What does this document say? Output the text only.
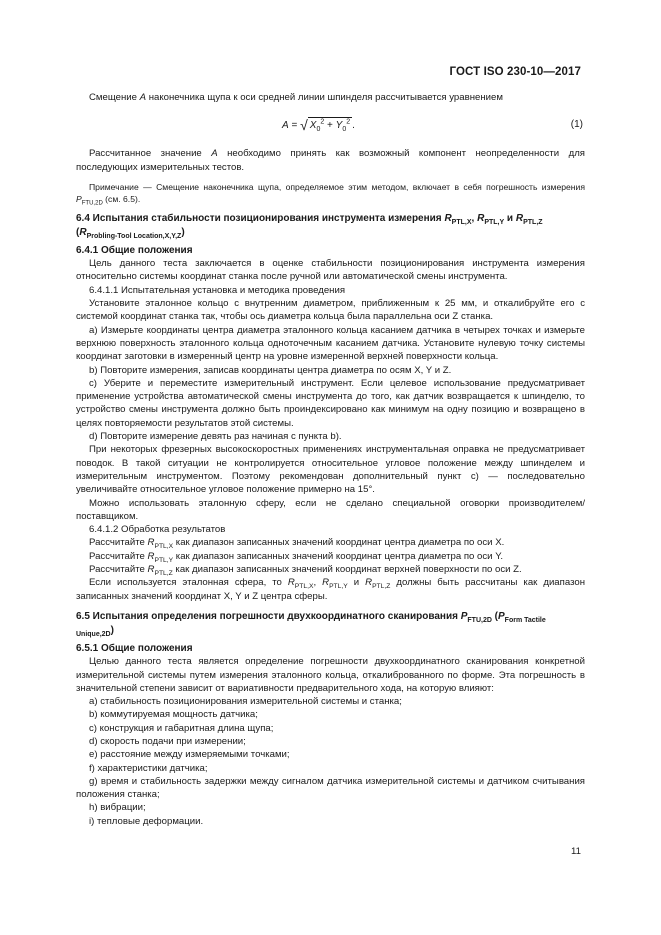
ГОСТ ISO 230-10—2017

Смещение A наконечника щупа к оси средней линии шпинделя рассчитывается уравнением

A = √ $X_0^2 + Y_0^2$ .	(1)

Рассчитанное значение A необходимо принять как возможный компонент неопределенности для последующих измерительных тестов.

Примечание — Смещение наконечника щупа, определяемое этим методом, включает в себя погрешность измерения $P_{FTU,2D}$ (см. 6.5).

6.4 Испытания стабильности позиционирования инструмента измерения $R_{PTL,X}$, $R_{PTL,Y}$ и $R_{PTL,Z}$ $(R_{Probling-Tool Location,X,Y,Z})$
6.4.1 Общие положения

Цель данного теста заключается в оценке стабильности позиционирования инструмента измерения относительно системы координат станка после ручной или автоматической смены инструмента.

6.4.1.1 Испытательная установка и методика проведения

Установите эталонное кольцо с внутренним диаметром, приближенным к 25 мм, и откалибруйте его с системой координат станка так, чтобы ось диаметра кольца была параллельна оси Z станка.

a) Измерьте координаты центра диаметра эталонного кольца касанием датчика в четырех точках и измерьте верхнюю поверхность эталонного кольца одноточечным касанием датчика. Установите нулевую точку системы координат заготовки в измеренный центр на уровне измеренной верхней поверхности кольца.

b) Повторите измерения, записав координаты центра диаметра по осям X, Y и Z.

c) Уберите и переместите измерительный инструмент. Если целевое использование предусматривает применение устройства автоматической смены инструмента до того, как датчик возвращается к шпинделю, то устройство смены инструмента должно быть проиндексировано как минимум на одну позицию и возвращено в целях повторяемости результатов этой системы.

d) Повторите измерение девять раз начиная с пункта b).

При некоторых фрезерных высокоскоростных применениях инструментальная оправка не предусматривает поводок. В такой ситуации не контролируется относительное угловое положение между шпинделем и измерительным инструментом. Поэтому рекомендован дополнительный пункт c) — последовательно увеличивайте относительное угловое положение примерно на 15°.

Можно использовать эталонную сферу, если не сделано специальной оговорки производителем/поставщиком.

6.4.1.2 Обработка результатов

Рассчитайте $R_{PTL,X}$ как диапазон записанных значений координат центра диаметра по оси X.

Рассчитайте $R_{PTL,Y}$ как диапазон записанных значений координат центра диаметра по оси Y.

Рассчитайте $R_{PTL,Z}$ как диапазон записанных значений координат верхней поверхности по оси Z.

Если используется эталонная сфера, то $R_{PTL,X}$, $R_{PTL,Y}$ и $R_{PTL,Z}$ должны быть рассчитаны как диапазон записанных значений координат X, Y и Z центра сферы.

6.5 Испытания определения погрешности двухкоординатного сканирования $P_{FTU,2D}$ $(P_{Form Tactile Unique,2D})$
6.5.1 Общие положения

Целью данного теста является определение погрешности двухкоординатного сканирования конкретной измерительной системы путем измерения эталонного кольца, откалиброванного по форме. Эта погрешность в значительной степени зависит от вариативности предварительного хода, на которую влияют:

a) стабильность позиционирования измерительной системы и станка;

b) коммутируемая мощность датчика;

c) конструкция и габаритная длина щупа;

d) скорость подачи при измерении;

e) расстояние между измеряемыми точками;

f) характеристики датчика;

g) время и стабильность задержки между сигналом датчика измерительной системы и датчиком считывания положения станка;

h) вибрации;

i) тепловые деформации.

11
